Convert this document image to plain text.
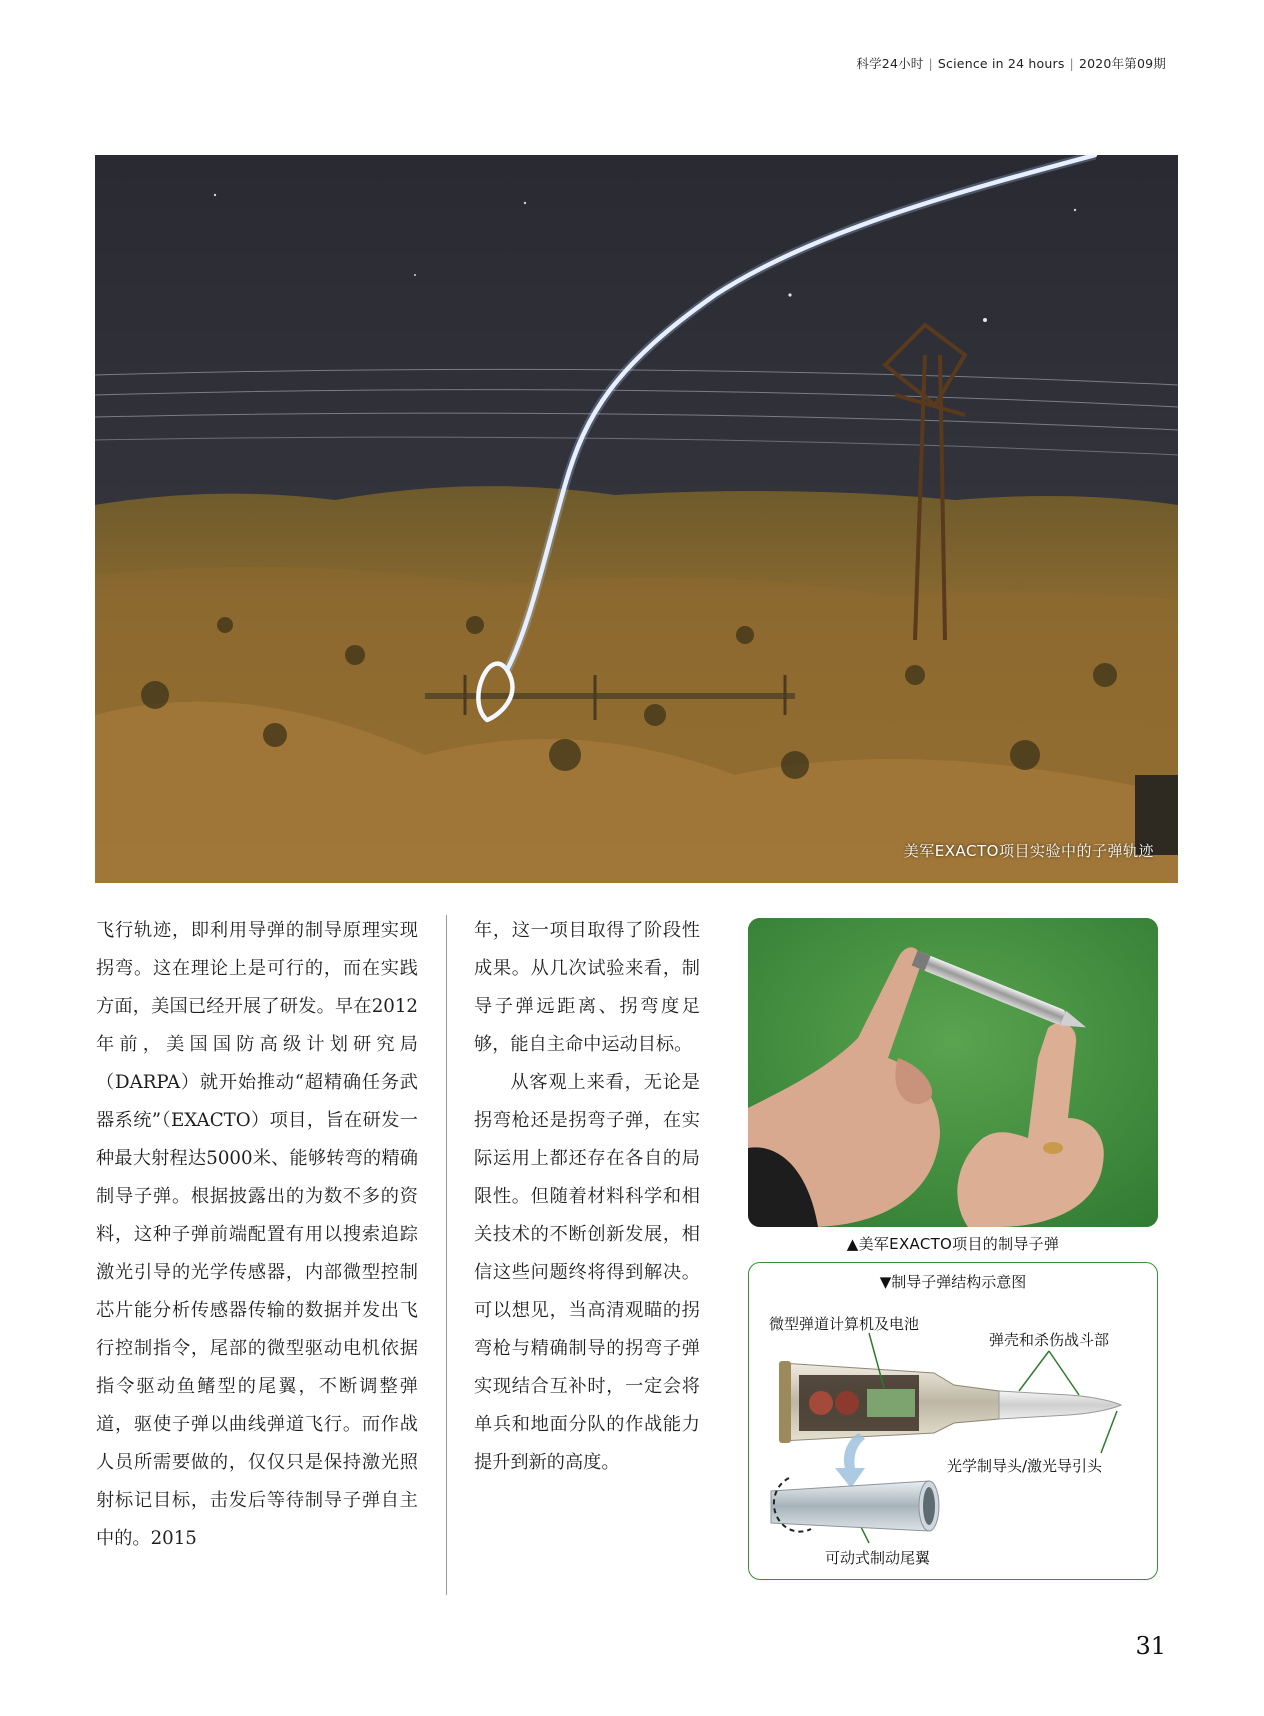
科学24小时 | Science in 24 hours | 2020年第09期
美军EXACTO项目实验中的子弹轨迹

飞行轨迹，即利用导弹的制导原理实现拐弯。这在理论上是可行的，而在实践方面，美国已经开展了研发。早在2012年前，美国国防高级计划研究局（DARPA）就开始推动“超精确任务武器系统”（EXACTO）项目，旨在研发一种最大射程达5000米、能够转弯的精确制导子弹。根据披露出的为数不多的资料，这种子弹前端配置有用以搜索追踪激光引导的光学传感器，内部微型控制芯片能分析传感器传输的数据并发出飞行控制指令，尾部的微型驱动电机依据指令驱动鱼鳍型的尾翼，不断调整弹道，驱使子弹以曲线弹道飞行。而作战人员所需要做的，仅仅只是保持激光照射标记目标，击发后等待制导子弹自主中的。2015

年，这一项目取得了阶段性成果。从几次试验来看，制导子弹远距离、拐弯度足够，能自主命中运动目标。

从客观上来看，无论是拐弯枪还是拐弯子弹，在实际运用上都还存在各自的局限性。但随着材料科学和相关技术的不断创新发展，相信这些问题终将得到解决。可以想见，当高清观瞄的拐弯枪与精确制导的拐弯子弹实现结合互补时，一定会将单兵和地面分队的作战能力提升到新的高度。

▲美军EXACTO项目的制导子弹
▼制导子弹结构示意图
微型弹道计算机及电池
弹壳和杀伤战斗部
光学制导头/激光导引头
可动式制动尾翼
31
